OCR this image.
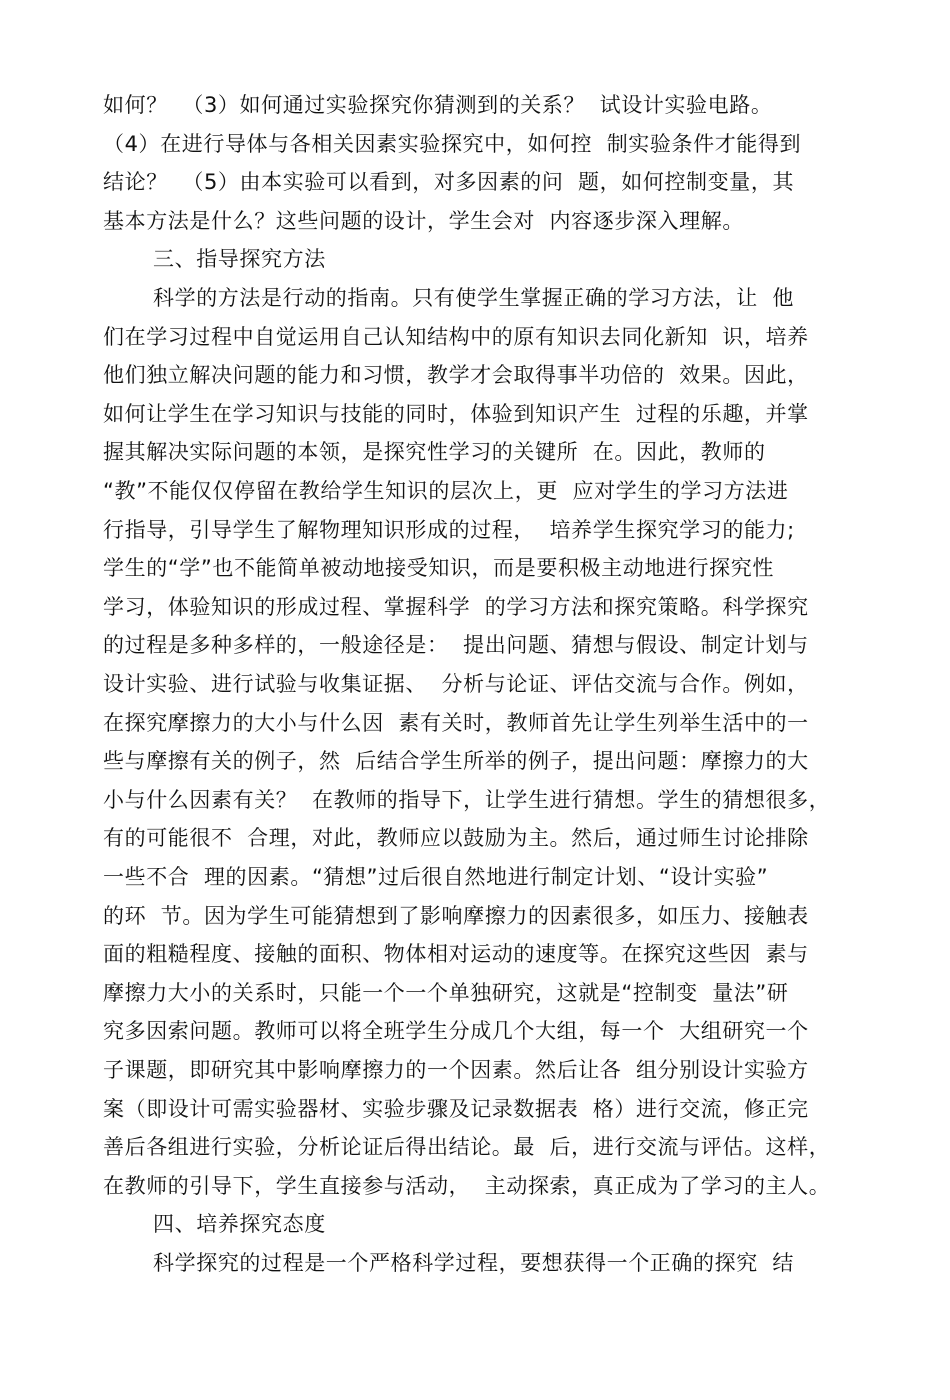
如何？  （3）如何通过实验探究你猜测到的关系？  试设计实验电路。
（4）在进行导体与各相关因素实验探究中，如何控  制实验条件才能得到
结论？  （5）由本实验可以看到，对多因素的问  题，如何控制变量，其
基本方法是什么？这些问题的设计，学生会对  内容逐步深入理解。
三、指导探究方法
科学的方法是行动的指南。只有使学生掌握正确的学习方法，让  他
们在学习过程中自觉运用自己认知结构中的原有知识去同化新知  识，培养
他们独立解决问题的能力和习惯，教学才会取得事半功倍的  效果。因此，
如何让学生在学习知识与技能的同时，体验到知识产生  过程的乐趣，并掌
握其解决实际问题的本领，是探究性学习的关键所  在。因此，教师的
“教”不能仅仅停留在教给学生知识的层次上，更  应对学生的学习方法进
行指导，引导学生了解物理知识形成的过程，  培养学生探究学习的能力;
学生的“学”也不能简单被动地接受知识，而是要积极主动地进行探究性
学习，体验知识的形成过程、掌握科学  的学习方法和探究策略。科学探究
的过程是多种多样的，一般途径是：  提出问题、猜想与假设、制定计划与
设计实验、进行试验与收集证据、  分析与论证、评估交流与合作。例如，
在探究摩擦力的大小与什么因  素有关时，教师首先让学生列举生活中的一
些与摩擦有关的例子，然  后结合学生所举的例子，提出问题：摩擦力的大
小与什么因素有关？  在教师的指导下，让学生进行猜想。学生的猜想很多，
有的可能很不  合理，对此，教师应以鼓励为主。然后，通过师生讨论排除
一些不合  理的因素。“猜想”过后很自然地进行制定计划、“设计实验”
的环  节。因为学生可能猜想到了影响摩擦力的因素很多，如压力、接触表
面的粗糙程度、接触的面积、物体相对运动的速度等。在探究这些因  素与
摩擦力大小的关系时，只能一个一个单独研究，这就是“控制变  量法”研
究多因索问题。教师可以将全班学生分成几个大组，每一个  大组研究一个
子课题，即研究其中影响摩擦力的一个因素。然后让各  组分别设计实验方
案（即设计可需实验器材、实验步骤及记录数据表  格）进行交流，修正完
善后各组进行实验，分析论证后得出结论。最  后，进行交流与评估。这样，
在教师的引导下，学生直接参与活动，  主动探索，真正成为了学习的主人。
四、培养探究态度
科学探究的过程是一个严格科学过程，要想获得一个正确的探究  结
